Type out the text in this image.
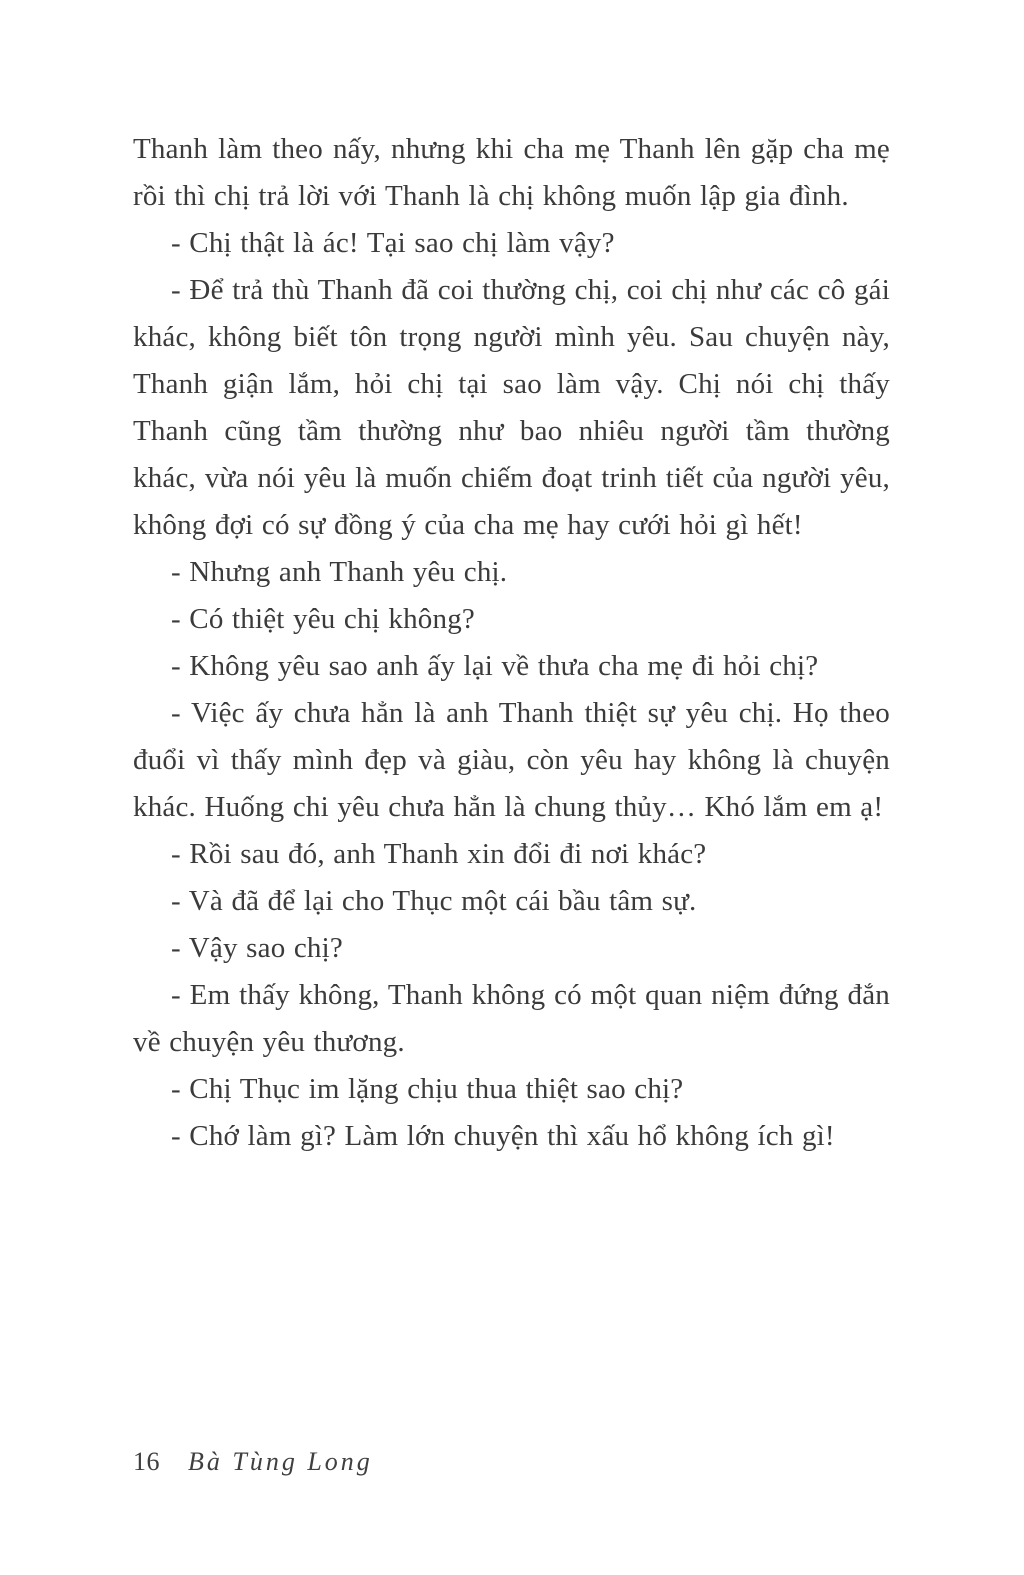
Thanh làm theo nấy, nhưng khi cha mẹ Thanh lên gặp cha mẹ rồi thì chị trả lời với Thanh là chị không muốn lập gia đình.

- Chị thật là ác! Tại sao chị làm vậy?

- Để trả thù Thanh đã coi thường chị, coi chị như các cô gái khác, không biết tôn trọng người mình yêu. Sau chuyện này, Thanh giận lắm, hỏi chị tại sao làm vậy. Chị nói chị thấy Thanh cũng tầm thường như bao nhiêu người tầm thường khác, vừa nói yêu là muốn chiếm đoạt trinh tiết của người yêu, không đợi có sự đồng ý của cha mẹ hay cưới hỏi gì hết!

- Nhưng anh Thanh yêu chị.

- Có thiệt yêu chị không?

- Không yêu sao anh ấy lại về thưa cha mẹ đi hỏi chị?

- Việc ấy chưa hẳn là anh Thanh thiệt sự yêu chị. Họ theo đuổi vì thấy mình đẹp và giàu, còn yêu hay không là chuyện khác. Huống chi yêu chưa hẳn là chung thủy… Khó lắm em ạ!

- Rồi sau đó, anh Thanh xin đổi đi nơi khác?

- Và đã để lại cho Thục một cái bầu tâm sự.

- Vậy sao chị?

- Em thấy không, Thanh không có một quan niệm đứng đắn về chuyện yêu thương.

- Chị Thục im lặng chịu thua thiệt sao chị?

- Chớ làm gì? Làm lớn chuyện thì xấu hổ không ích gì!

16 Bà Tùng Long
